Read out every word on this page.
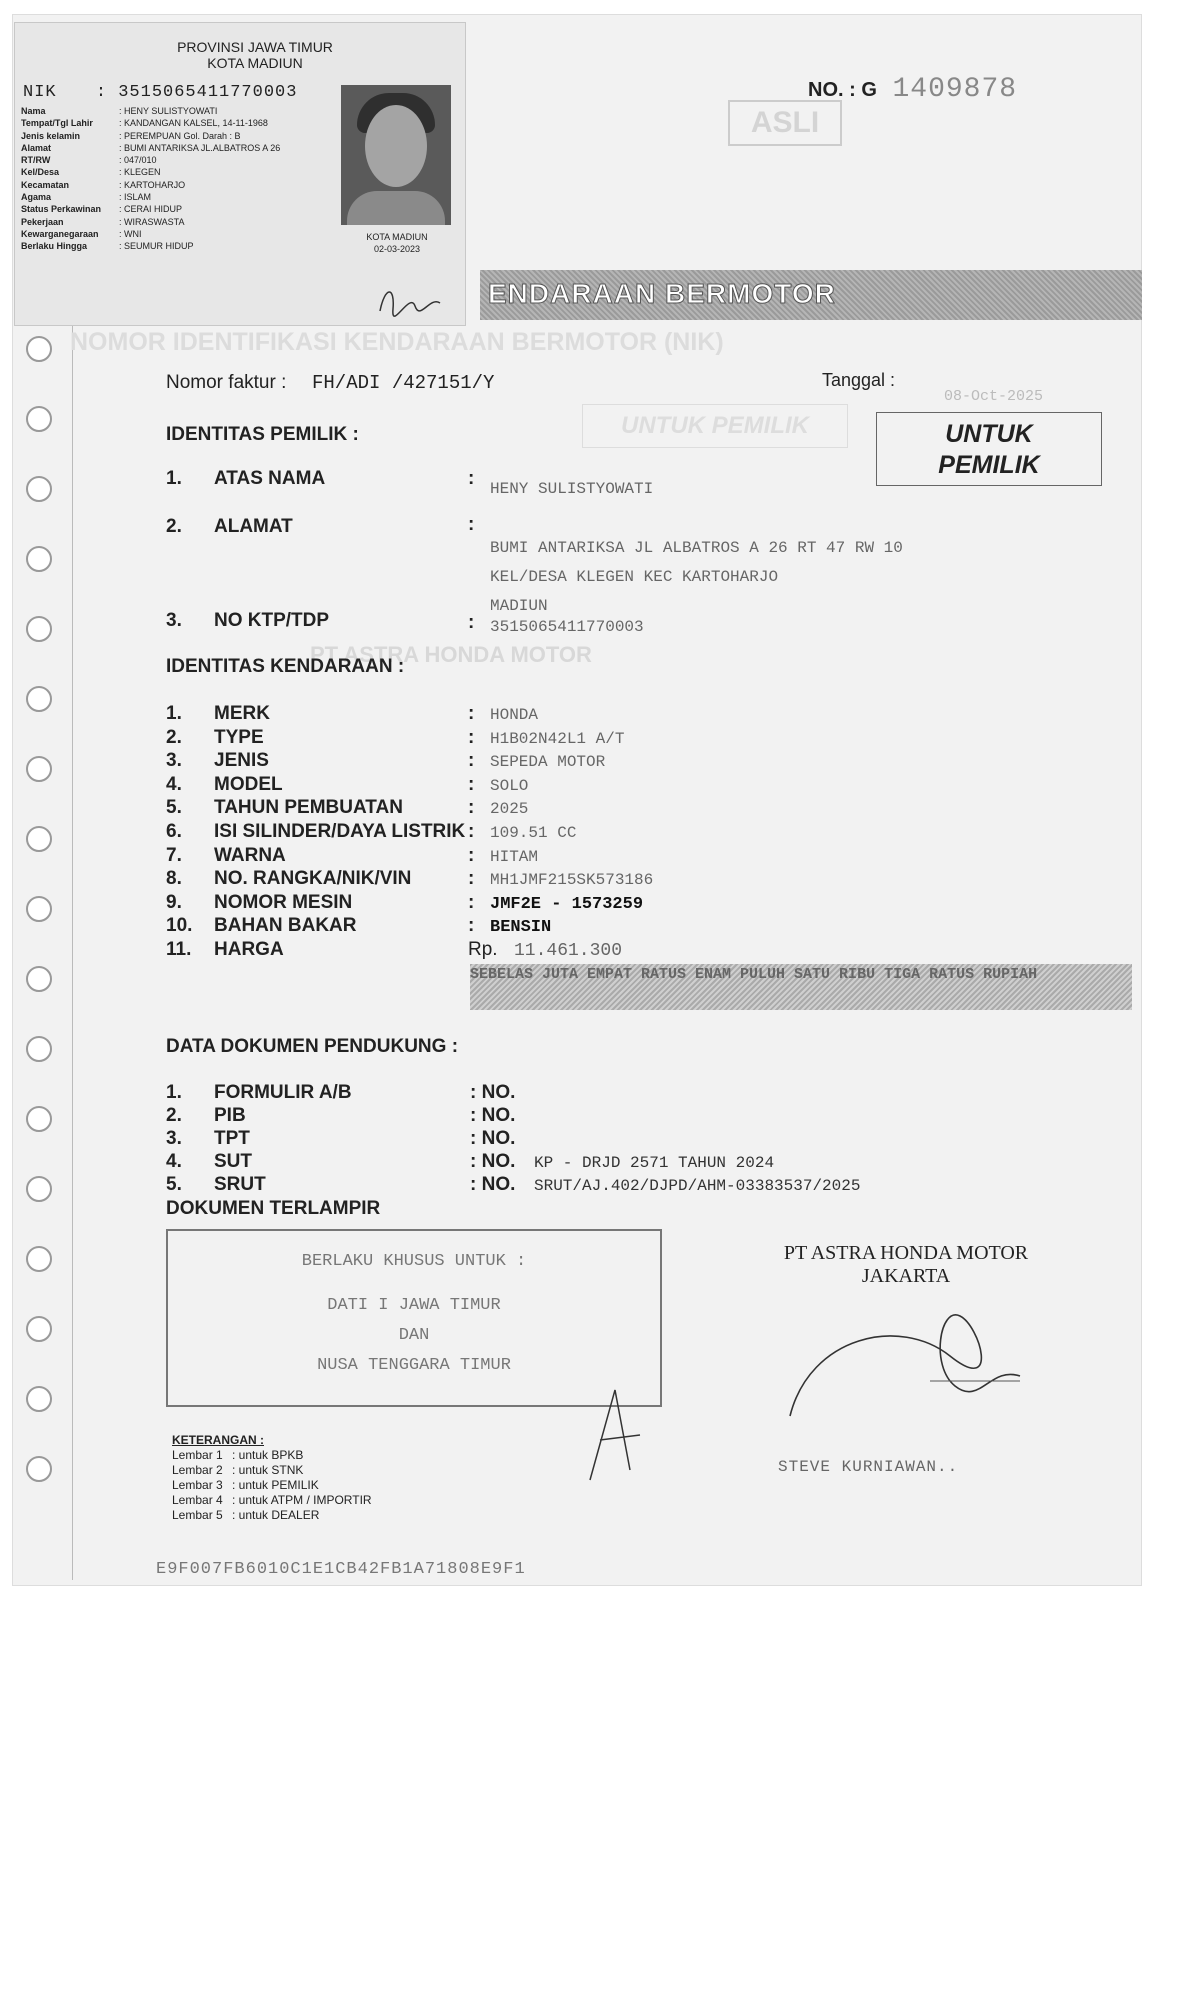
PROVINSI JAWA TIMUR
KOTA MADIUN
NIK : 3515065411770003
Nama	: HENY SULISTYOWATI
Tempat/Tgl Lahir	: KANDANGAN KALSEL, 14-11-1968
Jenis kelamin	: PEREMPUAN Gol. Darah : B
Alamat	: BUMI ANTARIKSA JL.ALBATROS A 26
RT/RW	: 047/010
Kel/Desa	: KLEGEN
Kecamatan	: KARTOHARJO
Agama	: ISLAM
Status Perkawinan	: CERAI HIDUP
Pekerjaan	: WIRASWASTA
Kewarganegaraan	: WNI
Berlaku Hingga	: SEUMUR HIDUP
KOTA MADIUN
02-03-2023
ASLI
NO. : G 1409878
ENDARAAN BERMOTOR
NOMOR IDENTIFIKASI KENDARAAN BERMOTOR (NIK)
Nomor faktur : FH/ADI /427151/Y	Tanggal :
08-Oct-2025
UNTUK PEMILIK	UNTUK
PEMILIK
IDENTITAS PEMILIK :
1. ATAS NAMA	: HENY SULISTYOWATI
2. ALAMAT	:
BUMI ANTARIKSA JL ALBATROS A 26 RT 47 RW 10
KEL/DESA KLEGEN KEC KARTOHARJO
MADIUN
3. NO KTP/TDP	: 3515065411770003
PT ASTRA HONDA MOTOR
IDENTITAS KENDARAAN :
1. MERK	: HONDA
2. TYPE	: H1B02N42L1 A/T
3. JENIS	: SEPEDA MOTOR
4. MODEL	: SOLO
5. TAHUN PEMBUATAN	: 2025
6. ISI SILINDER/DAYA LISTRIK : 109.51 CC
7. WARNA	: HITAM
8. NO. RANGKA/NIK/VIN	: MH1JMF215SK573186
9. NOMOR MESIN	: JMF2E - 1573259
10. BAHAN BAKAR	: BENSIN
11. HARGA	Rp. 11.461.300
SEBELAS JUTA EMPAT RATUS ENAM PULUH SATU RIBU TIGA RATUS RUPIAH
DATA DOKUMEN PENDUKUNG :
1. FORMULIR A/B	: NO.
2. PIB	: NO.
3. TPT	: NO.
4. SUT	: NO. KP - DRJD 2571 TAHUN 2024
5. SRUT	: NO. SRUT/AJ.402/DJPD/AHM-03383537/2025
DOKUMEN TERLAMPIR
BERLAKU KHUSUS UNTUK :
DATI I JAWA TIMUR
DAN
NUSA TENGGARA TIMUR
PT ASTRA HONDA MOTOR
JAKARTA
STEVE KURNIAWAN..
KETERANGAN :
Lembar 1 : untuk BPKB
Lembar 2 : untuk STNK
Lembar 3 : untuk PEMILIK
Lembar 4 : untuk ATPM / IMPORTIR
Lembar 5 : untuk DEALER
E9F007FB6010C1E1CB42FB1A71808E9F1
